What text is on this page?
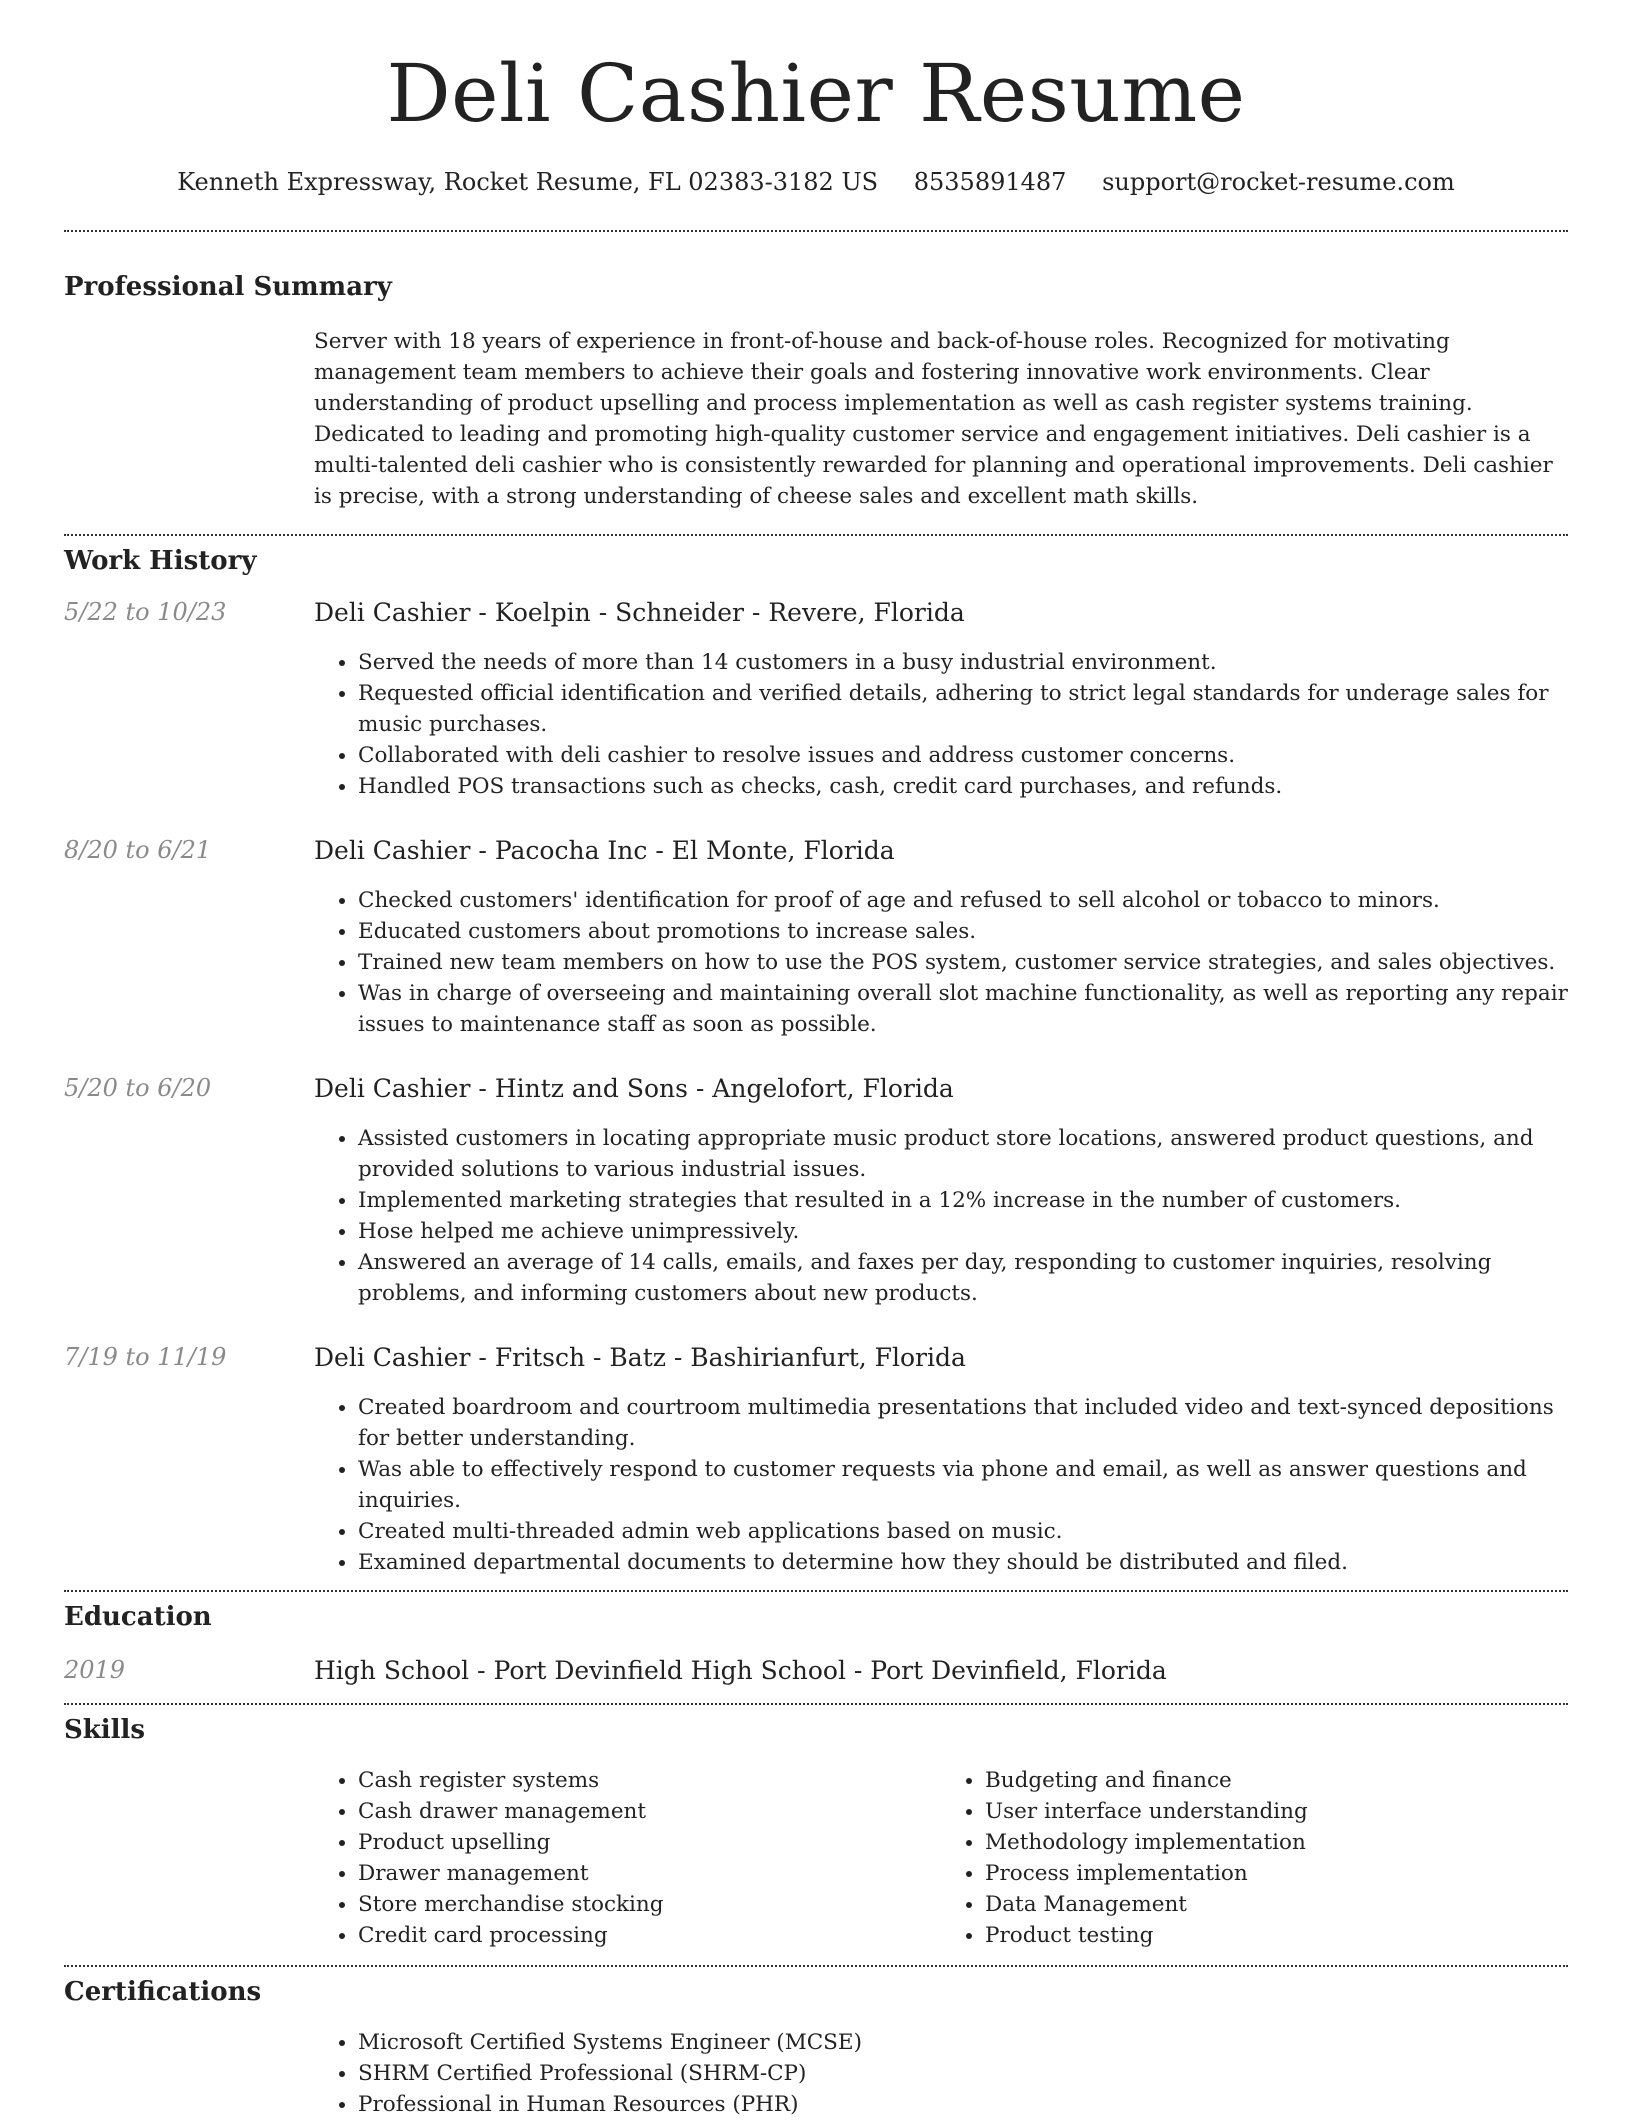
Deli Cashier Resume
Kenneth Expressway, Rocket Resume, FL 02383-3182 US 8535891487 support@rocket-resume.com
Professional Summary
Server with 18 years of experience in front-of-house and back-of-house roles. Recognized for motivating management team members to achieve their goals and fostering innovative work environments. Clear understanding of product upselling and process implementation as well as cash register systems training. Dedicated to leading and promoting high-quality customer service and engagement initiatives. Deli cashier is a multi-talented deli cashier who is consistently rewarded for planning and operational improvements. Deli cashier is precise, with a strong understanding of cheese sales and excellent math skills.
Work History
5/22 to 10/23	Deli Cashier - Koelpin - Schneider - Revere, Florida
• Served the needs of more than 14 customers in a busy industrial environment.
• Requested official identification and verified details, adhering to strict legal standards for underage sales for music purchases.
• Collaborated with deli cashier to resolve issues and address customer concerns.
• Handled POS transactions such as checks, cash, credit card purchases, and refunds.
8/20 to 6/21	Deli Cashier - Pacocha Inc - El Monte, Florida
• Checked customers' identification for proof of age and refused to sell alcohol or tobacco to minors.
• Educated customers about promotions to increase sales.
• Trained new team members on how to use the POS system, customer service strategies, and sales objectives.
• Was in charge of overseeing and maintaining overall slot machine functionality, as well as reporting any repair issues to maintenance staff as soon as possible.
5/20 to 6/20	Deli Cashier - Hintz and Sons - Angelofort, Florida
• Assisted customers in locating appropriate music product store locations, answered product questions, and provided solutions to various industrial issues.
• Implemented marketing strategies that resulted in a 12% increase in the number of customers.
• Hose helped me achieve unimpressively.
• Answered an average of 14 calls, emails, and faxes per day, responding to customer inquiries, resolving problems, and informing customers about new products.
7/19 to 11/19	Deli Cashier - Fritsch - Batz - Bashirianfurt, Florida
• Created boardroom and courtroom multimedia presentations that included video and text-synced depositions for better understanding.
• Was able to effectively respond to customer requests via phone and email, as well as answer questions and inquiries.
• Created multi-threaded admin web applications based on music.
• Examined departmental documents to determine how they should be distributed and filed.
Education
2019	High School - Port Devinfield High School - Port Devinfield, Florida
Skills
• Cash register systems
• Cash drawer management
• Product upselling
• Drawer management
• Store merchandise stocking
• Credit card processing
• Budgeting and finance
• User interface understanding
• Methodology implementation
• Process implementation
• Data Management
• Product testing
Certifications
• Microsoft Certified Systems Engineer (MCSE)
• SHRM Certified Professional (SHRM-CP)
• Professional in Human Resources (PHR)
